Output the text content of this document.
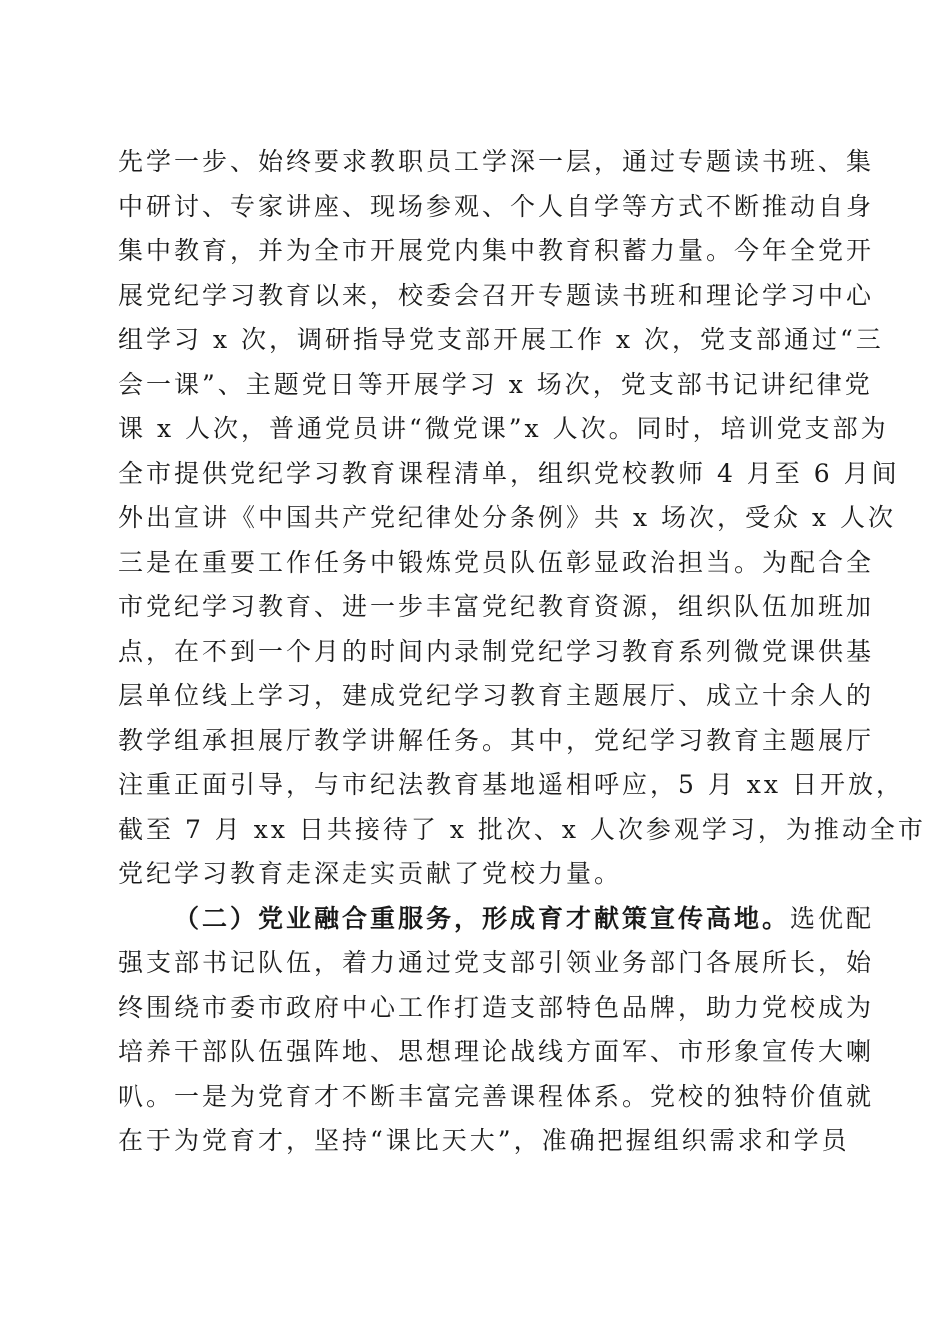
先学一步、始终要求教职员工学深一层，通过专题读书班、集
中研讨、专家讲座、现场参观、个人自学等方式不断推动自身
集中教育，并为全市开展党内集中教育积蓄力量。今年全党开
展党纪学习教育以来，校委会召开专题读书班和理论学习中心
组学习 x 次，调研指导党支部开展工作 x 次，党支部通过“三
会一课”、主题党日等开展学习 x 场次，党支部书记讲纪律党
课 x 人次，普通党员讲“微党课”x 人次。同时，培训党支部为
全市提供党纪学习教育课程清单，组织党校教师 4 月至 6 月间
外出宣讲《中国共产党纪律处分条例》共 x 场次，受众 x 人次
三是在重要工作任务中锻炼党员队伍彰显政治担当。为配合全
市党纪学习教育、进一步丰富党纪教育资源，组织队伍加班加
点，在不到一个月的时间内录制党纪学习教育系列微党课供基
层单位线上学习，建成党纪学习教育主题展厅、成立十余人的
教学组承担展厅教学讲解任务。其中，党纪学习教育主题展厅
注重正面引导，与市纪法教育基地遥相呼应，5 月 xx 日开放，
截至 7 月 xx 日共接待了 x 批次、x 人次参观学习，为推动全市
党纪学习教育走深走实贡献了党校力量。
（二）党业融合重服务，形成育才献策宣传高地。选优配
强支部书记队伍，着力通过党支部引领业务部门各展所长，始
终围绕市委市政府中心工作打造支部特色品牌，助力党校成为
培养干部队伍强阵地、思想理论战线方面军、市形象宣传大喇
叭。一是为党育才不断丰富完善课程体系。党校的独特价值就
在于为党育才，坚持“课比天大”，准确把握组织需求和学员
